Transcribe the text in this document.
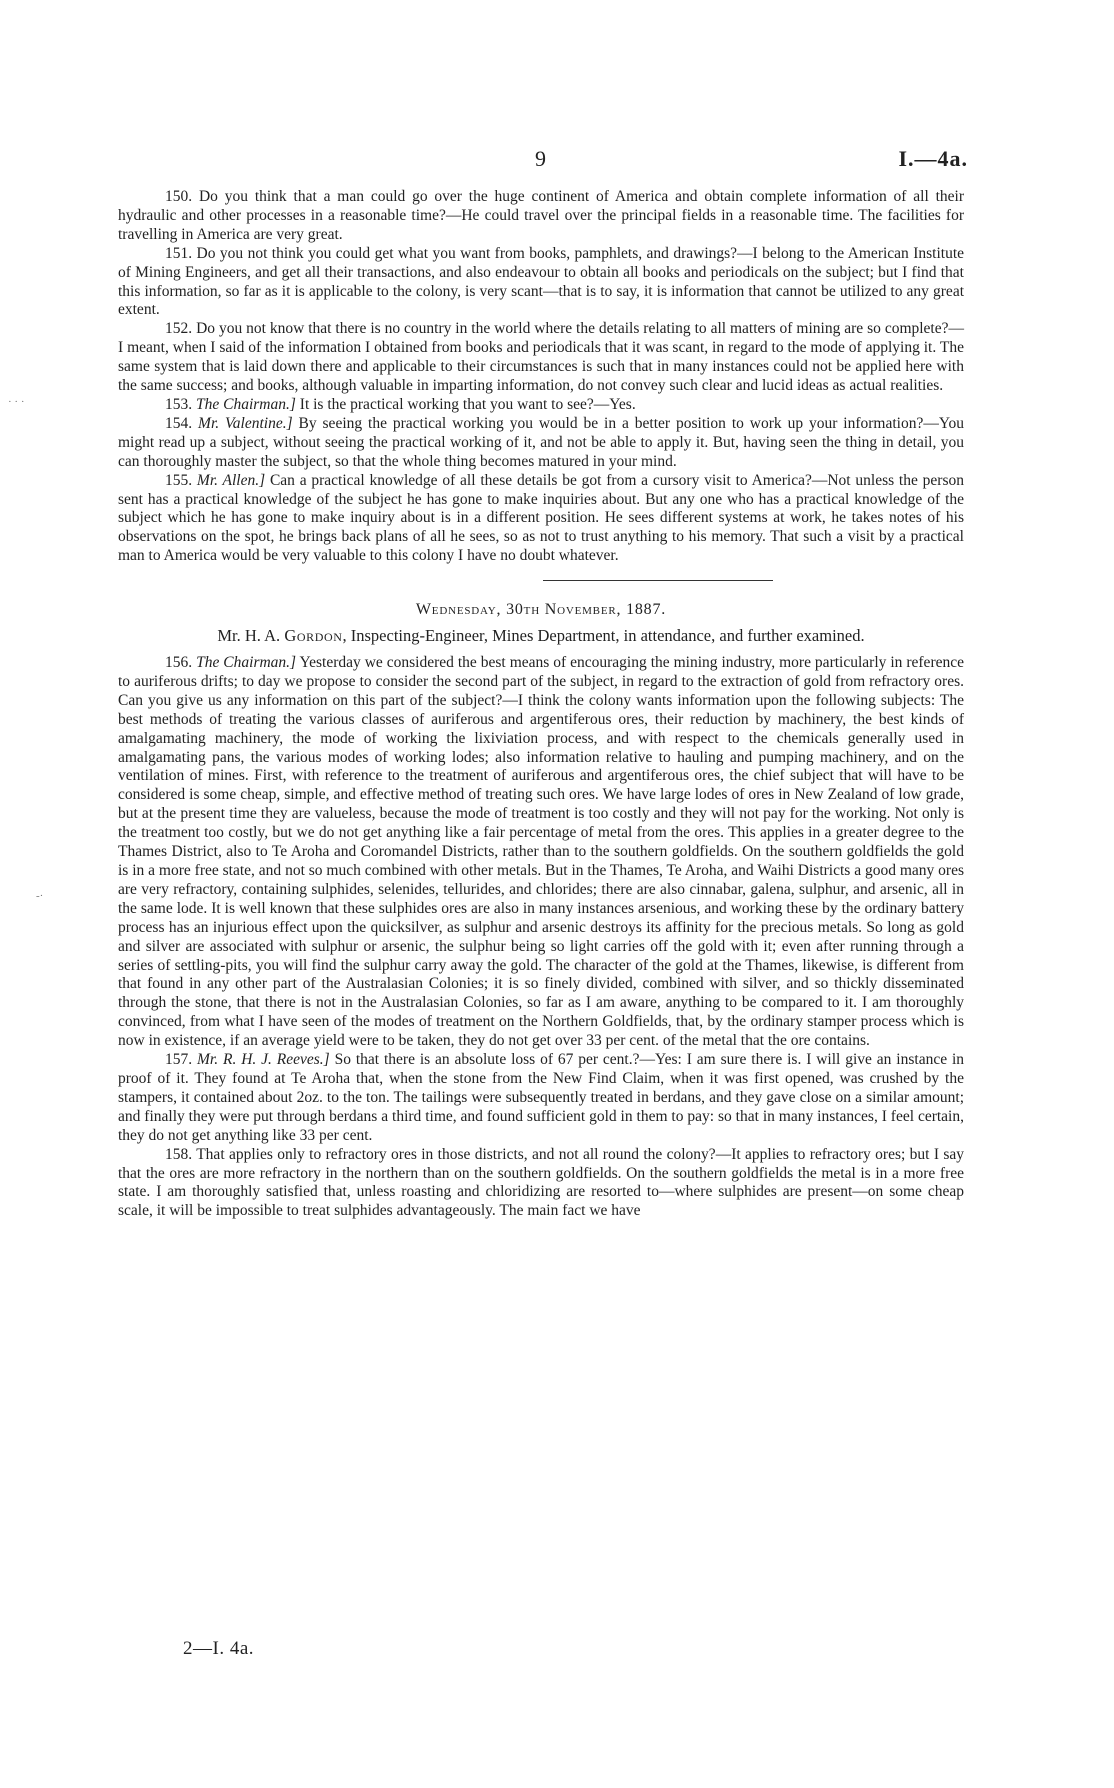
9	I.—4a.
· · ·
-·

150. Do you think that a man could go over the huge continent of America and obtain complete information of all their hydraulic and other processes in a reasonable time?—He could travel over the principal fields in a reasonable time. The facilities for travelling in America are very great.

151. Do you not think you could get what you want from books, pamphlets, and drawings?—I belong to the American Institute of Mining Engineers, and get all their transactions, and also endeavour to obtain all books and periodicals on the subject; but I find that this information, so far as it is applicable to the colony, is very scant—that is to say, it is information that cannot be utilized to any great extent.

152. Do you not know that there is no country in the world where the details relating to all matters of mining are so complete?—I meant, when I said of the information I obtained from books and periodicals that it was scant, in regard to the mode of applying it. The same system that is laid down there and applicable to their circumstances is such that in many instances could not be applied here with the same success; and books, although valuable in imparting information, do not convey such clear and lucid ideas as actual realities.

153. The Chairman.] It is the practical working that you want to see?—Yes.

154. Mr. Valentine.] By seeing the practical working you would be in a better position to work up your information?—You might read up a subject, without seeing the practical working of it, and not be able to apply it. But, having seen the thing in detail, you can thoroughly master the subject, so that the whole thing becomes matured in your mind.

155. Mr. Allen.] Can a practical knowledge of all these details be got from a cursory visit to America?—Not unless the person sent has a practical knowledge of the subject he has gone to make inquiries about. But any one who has a practical knowledge of the subject which he has gone to make inquiry about is in a different position. He sees different systems at work, he takes notes of his observations on the spot, he brings back plans of all he sees, so as not to trust anything to his memory. That such a visit by a practical man to America would be very valuable to this colony I have no doubt whatever.

Wednesday, 30th November, 1887.
Mr. H. A. Gordon, Inspecting-Engineer, Mines Department, in attendance, and further examined.

156. The Chairman.] Yesterday we considered the best means of encouraging the mining industry, more particularly in reference to auriferous drifts; to day we propose to consider the second part of the subject, in regard to the extraction of gold from refractory ores. Can you give us any information on this part of the subject?—I think the colony wants information upon the following subjects: The best methods of treating the various classes of auriferous and argentiferous ores, their reduction by machinery, the best kinds of amalgamating machinery, the mode of working the lixiviation process, and with respect to the chemicals generally used in amalgamating pans, the various modes of working lodes; also information relative to hauling and pumping machinery, and on the ventilation of mines. First, with reference to the treatment of auriferous and argentiferous ores, the chief subject that will have to be considered is some cheap, simple, and effective method of treating such ores. We have large lodes of ores in New Zealand of low grade, but at the present time they are valueless, because the mode of treatment is too costly and they will not pay for the working. Not only is the treatment too costly, but we do not get anything like a fair percentage of metal from the ores. This applies in a greater degree to the Thames District, also to Te Aroha and Coromandel Districts, rather than to the southern goldfields. On the southern goldfields the gold is in a more free state, and not so much combined with other metals. But in the Thames, Te Aroha, and Waihi Districts a good many ores are very refractory, containing sulphides, selenides, tellurides, and chlorides; there are also cinnabar, galena, sulphur, and arsenic, all in the same lode. It is well known that these sulphides ores are also in many instances arsenious, and working these by the ordinary battery process has an injurious effect upon the quicksilver, as sulphur and arsenic destroys its affinity for the precious metals. So long as gold and silver are associated with sulphur or arsenic, the sulphur being so light carries off the gold with it; even after running through a series of settling-pits, you will find the sulphur carry away the gold. The character of the gold at the Thames, likewise, is different from that found in any other part of the Australasian Colonies; it is so finely divided, combined with silver, and so thickly disseminated through the stone, that there is not in the Australasian Colonies, so far as I am aware, anything to be compared to it. I am thoroughly convinced, from what I have seen of the modes of treatment on the Northern Goldfields, that, by the ordinary stamper process which is now in existence, if an average yield were to be taken, they do not get over 33 per cent. of the metal that the ore contains.

157. Mr. R. H. J. Reeves.] So that there is an absolute loss of 67 per cent.?—Yes: I am sure there is. I will give an instance in proof of it. They found at Te Aroha that, when the stone from the New Find Claim, when it was first opened, was crushed by the stampers, it contained about 2oz. to the ton. The tailings were subsequently treated in berdans, and they gave close on a similar amount; and finally they were put through berdans a third time, and found sufficient gold in them to pay: so that in many instances, I feel certain, they do not get anything like 33 per cent.

158. That applies only to refractory ores in those districts, and not all round the colony?—It applies to refractory ores; but I say that the ores are more refractory in the northern than on the southern goldfields. On the southern goldfields the metal is in a more free state. I am thoroughly satisfied that, unless roasting and chloridizing are resorted to—where sulphides are present—on some cheap scale, it will be impossible to treat sulphides advantageously. The main fact we have

2—I. 4a.
